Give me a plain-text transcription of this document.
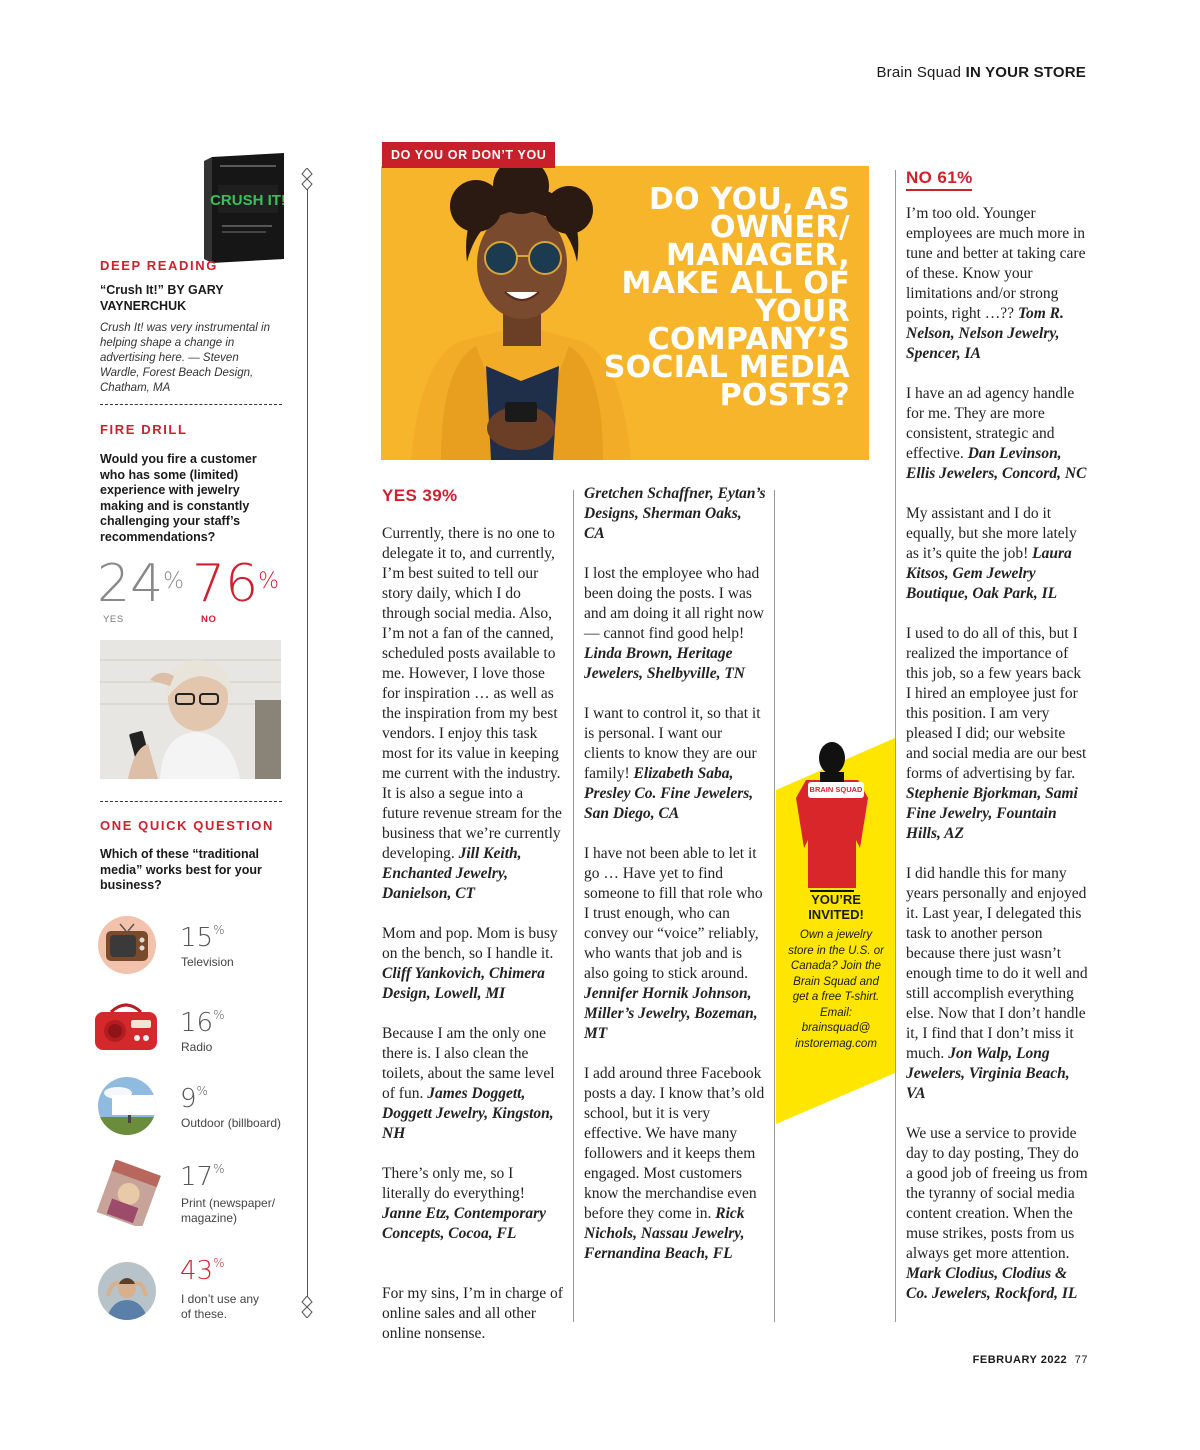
Brain Squad IN YOUR STORE
CRUSH IT!
DEEP READING
“Crush It!” BY GARY VAYNERCHUK
Crush It! was very instrumental in helping shape a change in advertising here. — Steven Wardle, Forest Beach Design, Chatham, MA
FIRE DRILL
Would you fire a customer who has some (limited) experience with jewelry making and is constantly challenging your staff’s recommendations?
24% 76%
YES	NO
ONE QUICK QUESTION
Which of these “traditional media” works best for your business?
15%
Television
16%
Radio
9%
Outdoor (billboard)
17%
Print (newspaper/ magazine)
43%
I don’t use any of these.
DO YOU OR DON’T YOU
DO YOU, AS OWNER/ MANAGER, MAKE ALL OF YOUR COMPANY’S SOCIAL MEDIA POSTS?
YES 39%

Currently, there is no one to delegate it to, and currently, I’m best suited to tell our story daily, which I do through social media. Also, I’m not a fan of the canned, scheduled posts available to me. However, I love those for inspiration … as well as the inspiration from my best vendors. I enjoy this task most for its value in keeping me current with the industry. It is also a segue into a future revenue stream for the business that we’re currently developing. Jill Keith, Enchanted Jewelry, Danielson, CT

Mom and pop. Mom is busy on the bench, so I handle it. Cliff Yankovich, Chimera Design, Lowell, MI

Because I am the only one there is. I also clean the toilets, about the same level of fun. James Doggett, Doggett Jewelry, Kingston, NH

There’s only me, so I literally do everything! Janne Etz, Contemporary Concepts, Cocoa, FL

For my sins, I’m in charge of online sales and all other online nonsense.

Gretchen Schaffner, Eytan’s Designs, Sherman Oaks, CA

I lost the employee who had been doing the posts. I was and am doing it all right now — cannot find good help! Linda Brown, Heritage Jewelers, Shelbyville, TN

I want to control it, so that it is personal. I want our clients to know they are our family! Elizabeth Saba, Presley Co. Fine Jewelers, San Diego, CA

I have not been able to let it go … Have yet to find someone to fill that role who I trust enough, who can convey our “voice” reliably, who wants that job and is also going to stick around. Jennifer Hornik Johnson, Miller’s Jewelry, Bozeman, MT

I add around three Facebook posts a day. I know that’s old school, but it is very effective. We have many followers and it keeps them engaged. Most customers know the merchandise even before they come in. Rick Nichols, Nassau Jewelry, Fernandina Beach, FL

BRAIN SQUAD
YOU’RE INVITED!
Own a jewelry store in the U.S. or Canada? Join the Brain Squad and get a free T-shirt. Email: brainsquad@ instoremag.com
NO 61%

I’m too old. Younger employees are much more in tune and better at taking care of these. Know your limitations and/or strong points, right …?? Tom R. Nelson, Nelson Jewelry, Spencer, IA

I have an ad agency handle for me. They are more consistent, strategic and effective. Dan Levinson, Ellis Jewelers, Concord, NC

My assistant and I do it equally, but she more lately as it’s quite the job! Laura Kitsos, Gem Jewelry Boutique, Oak Park, IL

I used to do all of this, but I realized the importance of this job, so a few years back I hired an employee just for this position. I am very pleased I did; our website and social media are our best forms of advertising by far. Stephenie Bjorkman, Sami Fine Jewelry, Fountain Hills, AZ

I did handle this for many years personally and enjoyed it. Last year, I delegated this task to another person because there just wasn’t enough time to do it well and still accomplish everything else. Now that I don’t handle it, I find that I don’t miss it much. Jon Walp, Long Jewelers, Virginia Beach, VA

We use a service to provide day to day posting, They do a good job of freeing us from the tyranny of social media content creation. When the muse strikes, posts from us always get more attention. Mark Clodius, Clodius & Co. Jewelers, Rockford, IL

FEBRUARY 2022 77
